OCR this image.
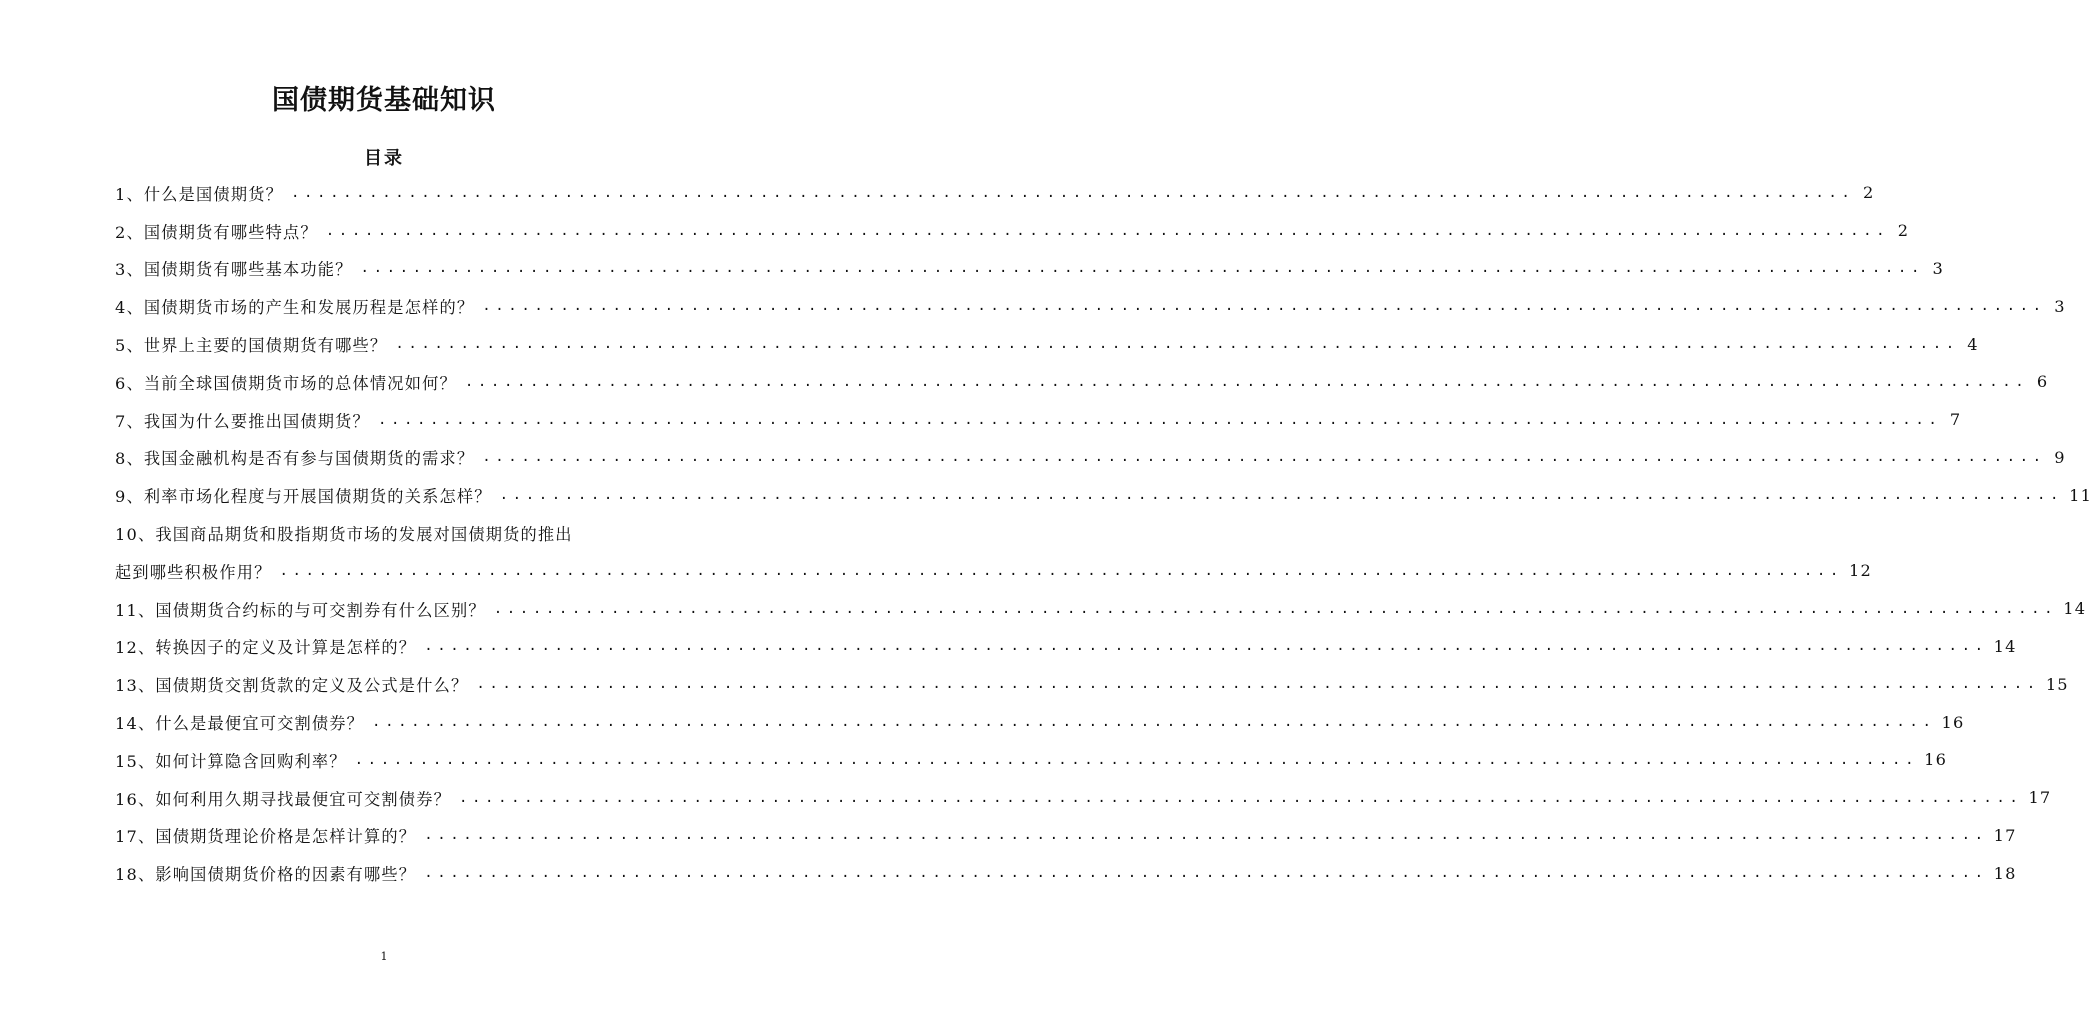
国债期货基础知识
目录
1、什么是国债期货？ ........................................................................................................................ 2
2、国债期货有哪些特点？ ........................................................................................................................ 2
3、国债期货有哪些基本功能？ ........................................................................................................................ 3
4、国债期货市场的产生和发展历程是怎样的？ ........................................................................................................................ 3
5、世界上主要的国债期货有哪些？ ........................................................................................................................ 4
6、当前全球国债期货市场的总体情况如何？ ........................................................................................................................ 6
7、我国为什么要推出国债期货？ ........................................................................................................................ 7
8、我国金融机构是否有参与国债期货的需求？ ........................................................................................................................ 9
9、利率市场化程度与开展国债期货的关系怎样？ ........................................................................................................................ 11
10、我国商品期货和股指期货市场的发展对国债期货的推出
起到哪些积极作用？ ........................................................................................................................ 12
11、国债期货合约标的与可交割券有什么区别？ ........................................................................................................................ 14
12、转换因子的定义及计算是怎样的？ ........................................................................................................................ 14
13、国债期货交割货款的定义及公式是什么？ ........................................................................................................................ 15
14、什么是最便宜可交割债券？ ........................................................................................................................ 16
15、如何计算隐含回购利率？ ........................................................................................................................ 16
16、如何利用久期寻找最便宜可交割债券？ ........................................................................................................................ 17
17、国债期货理论价格是怎样计算的？ ........................................................................................................................ 17
18、影响国债期货价格的因素有哪些？ ........................................................................................................................ 18
1
